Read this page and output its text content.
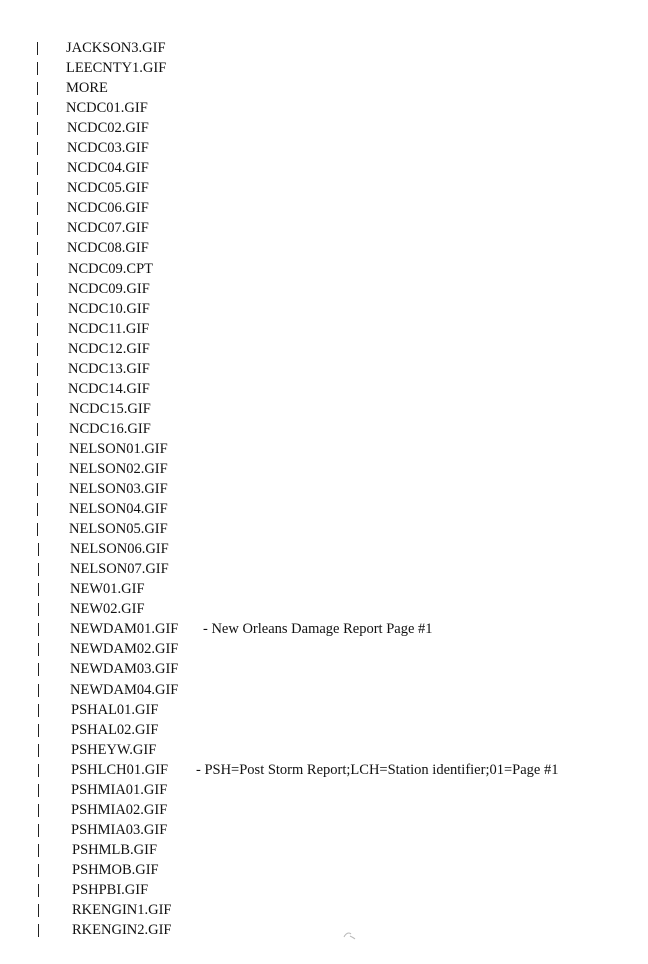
JACKSON3.GIF
LEECNTY1.GIF
MORE
NCDC01.GIF
NCDC02.GIF
NCDC03.GIF
NCDC04.GIF
NCDC05.GIF
NCDC06.GIF
NCDC07.GIF
NCDC08.GIF
NCDC09.CPT
NCDC09.GIF
NCDC10.GIF
NCDC11.GIF
NCDC12.GIF
NCDC13.GIF
NCDC14.GIF
NCDC15.GIF
NCDC16.GIF
NELSON01.GIF
NELSON02.GIF
NELSON03.GIF
NELSON04.GIF
NELSON05.GIF
NELSON06.GIF
NELSON07.GIF
NEW01.GIF
NEW02.GIF
NEWDAM01.GIF - New Orleans Damage Report Page #1
NEWDAM02.GIF
NEWDAM03.GIF
NEWDAM04.GIF
PSHAL01.GIF
PSHAL02.GIF
PSHEYW.GIF
PSHLCH01.GIF - PSH=Post Storm Report;LCH=Station identifier;01=Page #1
PSHMIA01.GIF
PSHMIA02.GIF
PSHMIA03.GIF
PSHMLB.GIF
PSHMOB.GIF
PSHPBI.GIF
RKENGIN1.GIF
RKENGIN2.GIF
